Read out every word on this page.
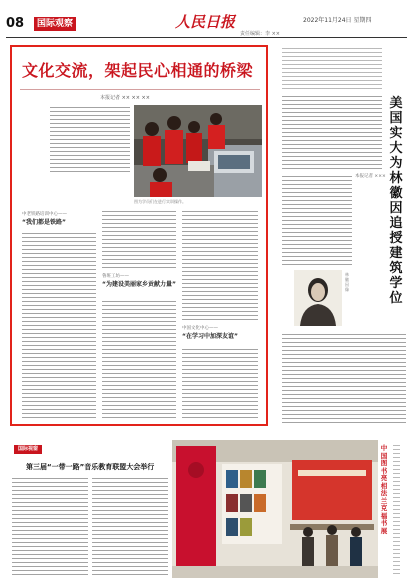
08	国际观察	人民日报	2022年11月24日 星期四
责任编辑：李 ××
文化交流，架起民心相通的桥梁
本报记者 ×× ×× ××
图为学员们在进行实训操作。
中老铁路培训中心——
“我们都是铁路”
鲁班工坊——
“为建设美丽家乡贡献力量”
中国文化中心——
“在学习中加深友谊”
美国实大为林徽因追授建筑学位
本报记者 ×××
林徽因像
国际视窗
第三届“一带一路”音乐教育联盟大会举行
中国图书亮相法兰克福书展
